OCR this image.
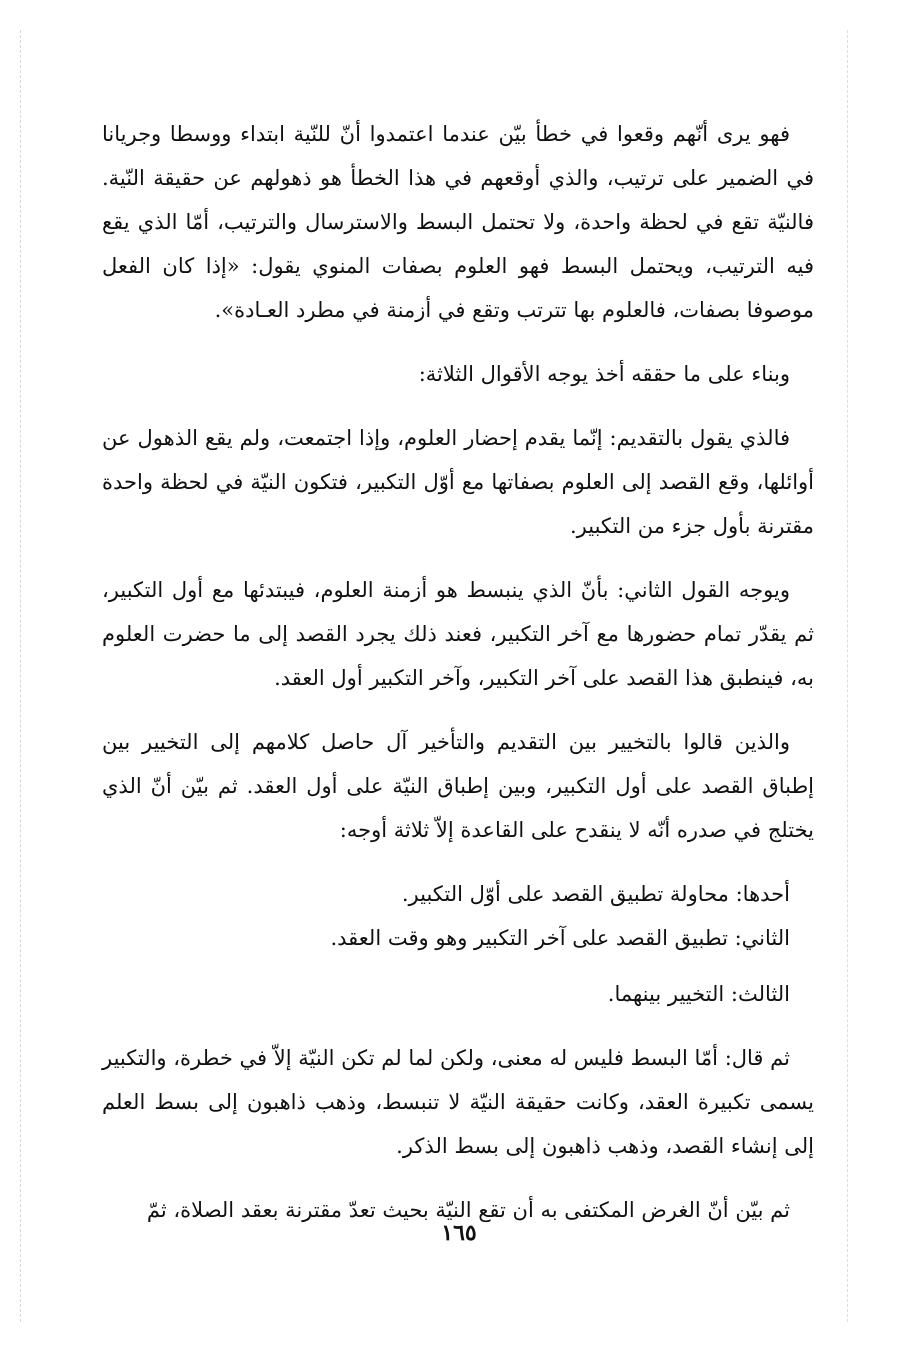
فهو يرى أنّهم وقعوا في خطأ بيّن عندما اعتمدوا أنّ للنّية ابتداء ووسطا وجريانا في الضمير على ترتيب، والذي أوقعهم في هذا الخطأ هو ذهولهم عن حقيقة النّية. فالنيّة تقع في لحظة واحدة، ولا تحتمل البسط والاسترسال والترتيب، أمّا الذي يقع فيه الترتيب، ويحتمل البسط فهو العلوم بصفات المنوي يقول: «إذا كان الفعل موصوفا بصفات، فالعلوم بها تترتب وتقع في أزمنة في مطرد العـادة».

وبناء على ما حققه أخذ يوجه الأقوال الثلاثة:

فالذي يقول بالتقديم: إنّما يقدم إحضار العلوم، وإذا اجتمعت، ولم يقع الذهول عن أوائلها، وقع القصد إلى العلوم بصفاتها مع أوّل التكبير، فتكون النيّة في لحظة واحدة مقترنة بأول جزء من التكبير.

ويوجه القول الثاني: بأنّ الذي ينبسط هو أزمنة العلوم، فيبتدئها مع أول التكبير، ثم يقدّر تمام حضورها مع آخر التكبير، فعند ذلك يجرد القصد إلى ما حضرت العلوم به، فينطبق هذا القصد على آخر التكبير، وآخر التكبير أول العقد.

والذين قالوا بالتخيير بين التقديم والتأخير آل حاصل كلامهم إلى التخيير بين إطباق القصد على أول التكبير، وبين إطباق النيّة على أول العقد. ثم بيّن أنّ الذي يختلج في صدره أنّه لا ينقدح على القاعدة إلاّ ثلاثة أوجه:

أحدها: محاولة تطبيق القصد على أوّل التكبير.

الثاني: تطبيق القصد على آخر التكبير وهو وقت العقد.

الثالث: التخيير بينهما.

ثم قال: أمّا البسط فليس له معنى، ولكن لما لم تكن النيّة إلاّ في خطرة، والتكبير يسمى تكبيرة العقد، وكانت حقيقة النيّة لا تنبسط، وذهب ذاهبون إلى بسط العلم إلى إنشاء القصد، وذهب ذاهبون إلى بسط الذكر.

ثم بيّن أنّ الغرض المكتفى به أن تقع النيّة بحيث تعدّ مقترنة بعقد الصلاة، ثمّ

١٦٥
